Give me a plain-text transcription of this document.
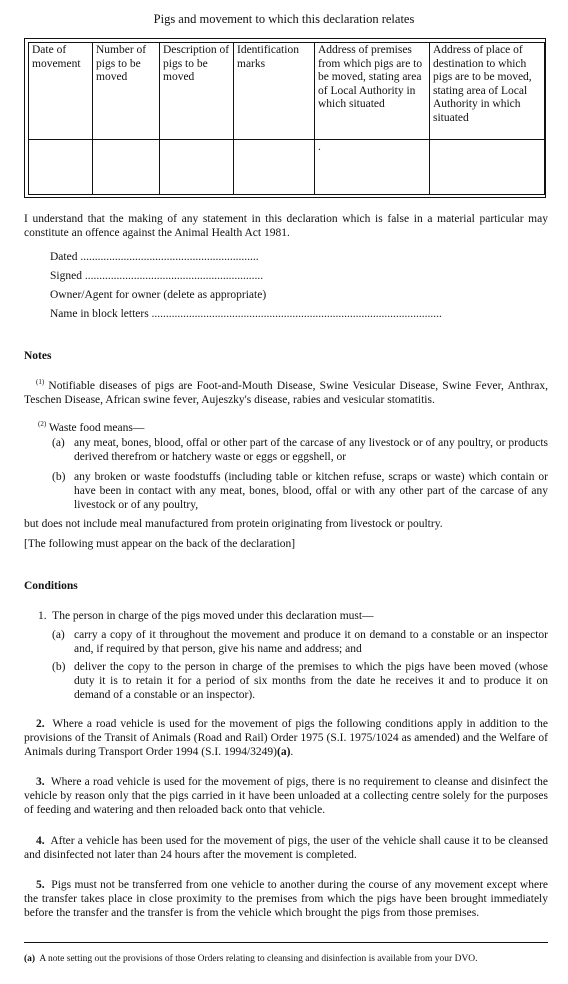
Pigs and movement to which this declaration relates
Date of movement	Number of pigs to be moved	Description of pigs to be moved	Identification marks	Address of premises from which pigs are to be moved, stating area of Local Authority in which situated	Address of place of destination to which pigs are to be moved, stating area of Local Authority in which situated
				.	
I understand that the making of any statement in this declaration which is false in a material particular may constitute an offence against the Animal Health Act 1981.
Dated ..............................................................
Signed ..............................................................
Owner/Agent for owner (delete as appropriate)
Name in block letters .....................................................................................................
Notes
$^{(1)}$ Notifiable diseases of pigs are Foot-and-Mouth Disease, Swine Vesicular Disease, Swine Fever, Anthrax, Teschen Disease, African swine fever, Aujeszky's disease, rabies and vesicular stomatitis.
$^{(2)}$ Waste food means—
(a) any meat, bones, blood, offal or other part of the carcase of any livestock or of any poultry, or products derived therefrom or hatchery waste or eggs or eggshell, or
(b) any broken or waste foodstuffs (including table or kitchen refuse, scraps or waste) which contain or have been in contact with any meat, bones, blood, offal or with any other part of the carcase of any livestock or of any poultry,
but does not include meal manufactured from protein originating from livestock or poultry.
[The following must appear on the back of the declaration]
Conditions
1. The person in charge of the pigs moved under this declaration must—
(a) carry a copy of it throughout the movement and produce it on demand to a constable or an inspector and, if required by that person, give his name and address; and
(b) deliver the copy to the person in charge of the premises to which the pigs have been moved (whose duty it is to retain it for a period of six months from the date he receives it and to produce it on demand of a constable or an inspector).
2. Where a road vehicle is used for the movement of pigs the following conditions apply in addition to the provisions of the Transit of Animals (Road and Rail) Order 1975 (S.I. 1975/1024 as amended) and the Welfare of Animals during Transport Order 1994 (S.I. 1994/3249)(a).
3. Where a road vehicle is used for the movement of pigs, there is no requirement to cleanse and disinfect the vehicle by reason only that the pigs carried in it have been unloaded at a collecting centre solely for the purposes of feeding and watering and then reloaded back onto that vehicle.
4. After a vehicle has been used for the movement of pigs, the user of the vehicle shall cause it to be cleansed and disinfected not later than 24 hours after the movement is completed.
5. Pigs must not be transferred from one vehicle to another during the course of any movement except where the transfer takes place in close proximity to the premises from which the pigs have been brought immediately before the transfer and the transfer is from the vehicle which brought the pigs from those premises.
(a) A note setting out the provisions of those Orders relating to cleansing and disinfection is available from your DVO.
